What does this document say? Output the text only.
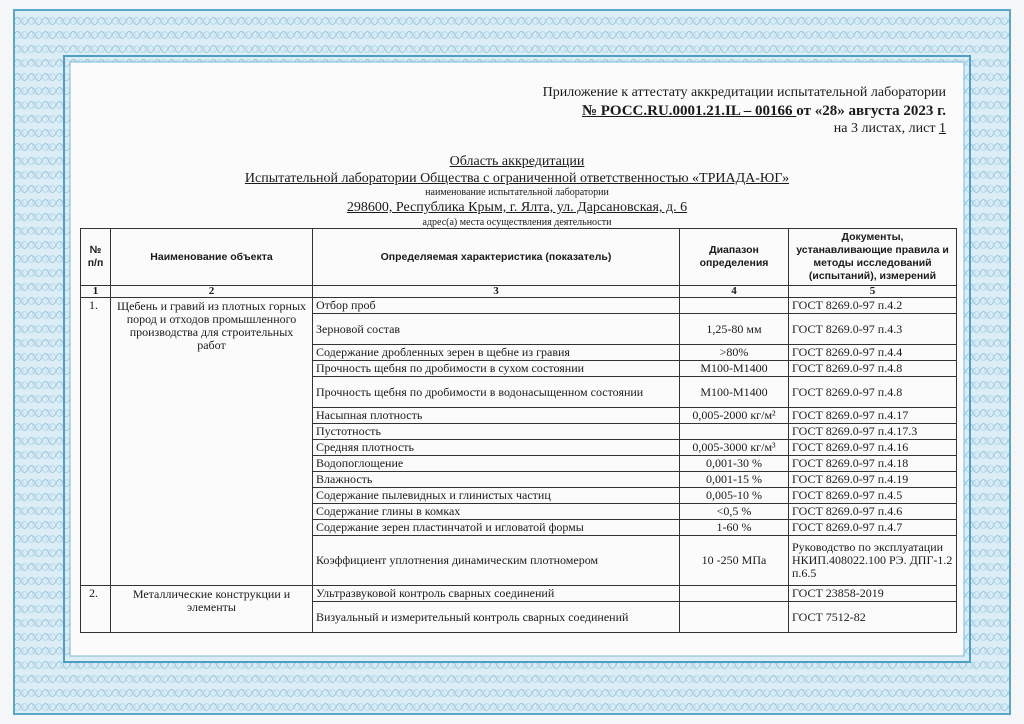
Приложение к аттестату аккредитации испытательной лаборатории
№ РОСС.RU.0001.21.IL – 00166 от «28» августа 2023 г.
на 3 листах, лист 1
Область аккредитации
Испытательной лаборатории Общества с ограниченной ответственностью «ТРИАДА-ЮГ»
наименование испытательной лаборатории
298600, Республика Крым, г. Ялта, ул. Дарсановская, д. 6
адрес(а) места осуществления деятельности
№ п/п	Наименование объекта	Определяемая характеристика (показатель)	Диапазон определения	Документы, устанавливающие правила и методы исследований (испытаний), измерений
1	2	3	4	5
1.	Щебень и гравий из плотных горных пород и отходов промышленного производства для строительных работ	Отбор проб		ГОСТ 8269.0-97 п.4.2
		Зерновой состав	1,25-80 мм	ГОСТ 8269.0-97 п.4.3
		Содержание дробленных зерен в щебне из гравия	>80%	ГОСТ 8269.0-97 п.4.4
		Прочность щебня по дробимости в сухом состоянии	М100-М1400	ГОСТ 8269.0-97 п.4.8
		Прочность щебня по дробимости в водонасыщенном состоянии	М100-М1400	ГОСТ 8269.0-97 п.4.8
		Насыпная плотность	0,005-2000 кг/м²	ГОСТ 8269.0-97 п.4.17
		Пустотность		ГОСТ 8269.0-97 п.4.17.3
		Средняя плотность	0,005-3000 кг/м³	ГОСТ 8269.0-97 п.4.16
		Водопоглощение	0,001-30 %	ГОСТ 8269.0-97 п.4.18
		Влажность	0,001-15 %	ГОСТ 8269.0-97 п.4.19
		Содержание пылевидных и глинистых частиц	0,005-10 %	ГОСТ 8269.0-97 п.4.5
		Содержание глины в комках	<0,5 %	ГОСТ 8269.0-97 п.4.6
		Содержание зерен пластинчатой и игловатой формы	1-60 %	ГОСТ 8269.0-97 п.4.7
		Коэффициент уплотнения динамическим плотномером	10 -250 МПа	Руководство по эксплуатации НКИП.408022.100 РЭ. ДПГ-1.2 п.6.5
2.	Металлические конструкции и элементы	Ультразвуковой контроль сварных соединений		ГОСТ 23858-2019
		Визуальный и измерительный контроль сварных соединений		ГОСТ 7512-82
